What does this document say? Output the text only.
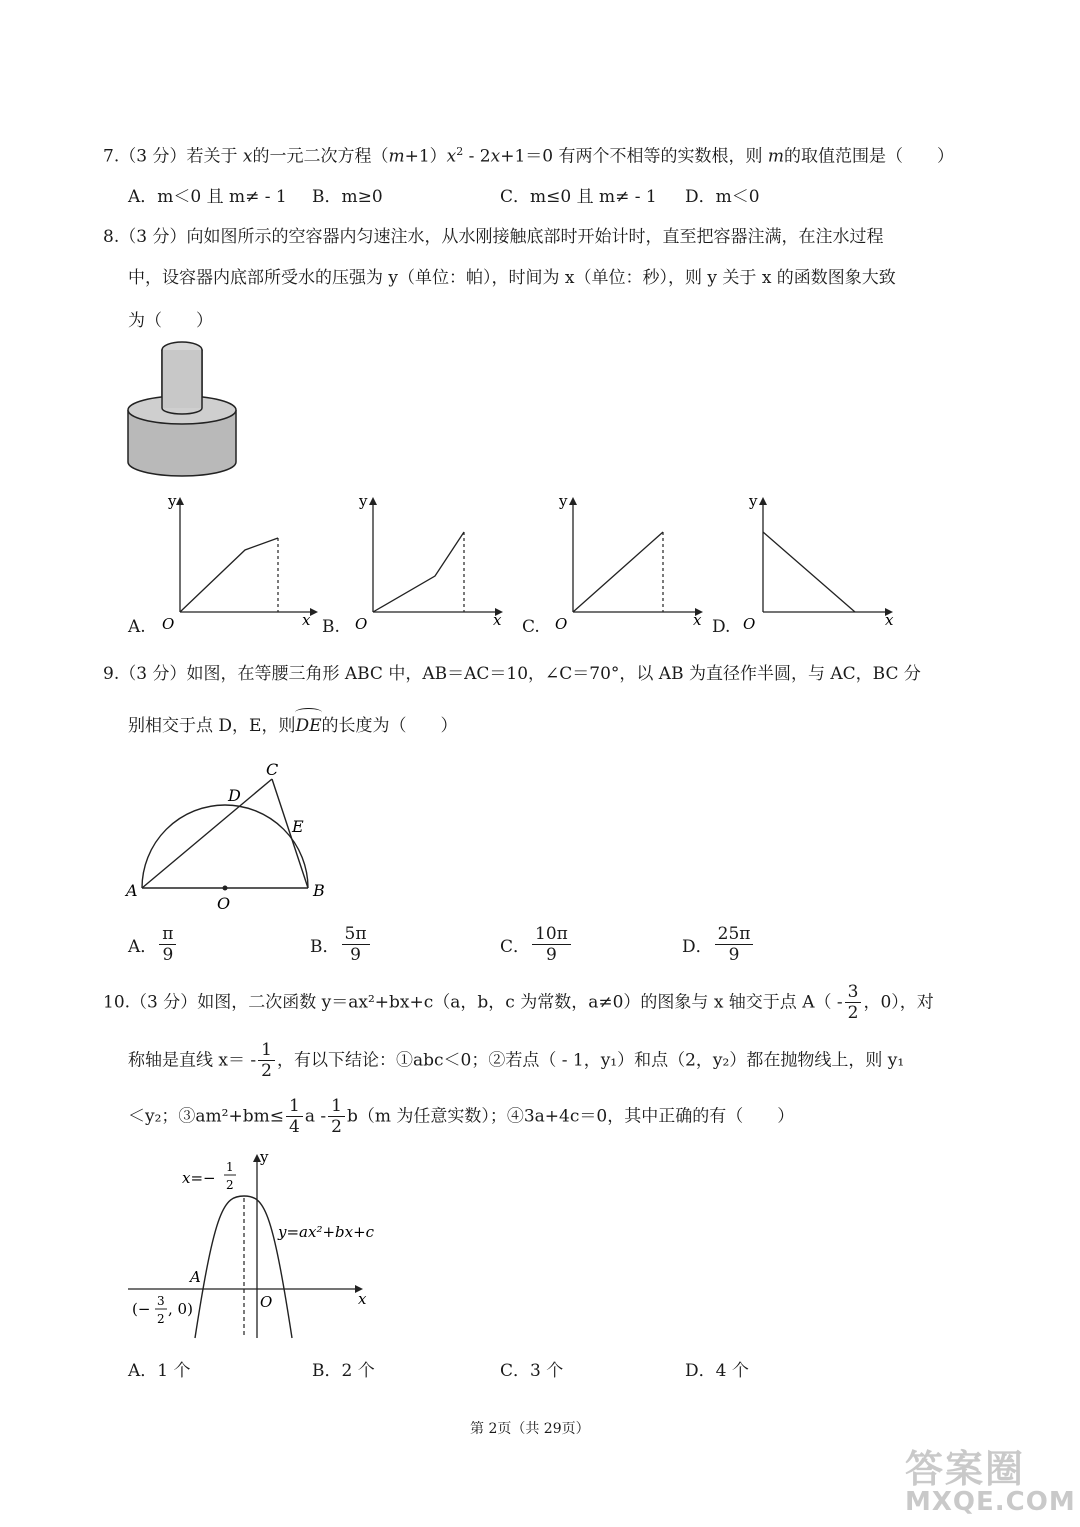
7.（3 分）若关于 x的一元二次方程$(m+1)x^2 - 2x+1=0$ 有两个不相等的实数根，则 m的取值范围是（　　）
A．m＜0 且 m≠ - 1 B．m≥0	C．m≤0 且 m≠ - 1 D．m＜0
8.（3 分）向如图所示的空容器内匀速注水，从水刚接触底部时开始计时，直至把容器注满，在注水过程
中，设容器内底部所受水的压强为 y（单位：帕），时间为 x（单位：秒），则 y 关于 x 的函数图象大致
为（　　）
y
x
O
A.
y
x
O
B.
y
x
O
C.
y
x
O
D.
9.（3 分）如图，在等腰三角形 ABC 中，AB＝AC＝10，∠C＝70°，以 AB 为直径作半圆，与 AC，BC 分
别相交于点 D，E，则
DE的长度为（　　）
C
D
E
A	B
O
A． $\frac{\pi}{9}$	B． $\frac{5\pi}{9}$	C． $\frac{10\pi}{9}$	D． $\frac{25\pi}{9}$
10.（3 分）如图，二次函数 y＝ax²+bx+c（a，b，c 为常数，a≠0）的图象与 x 轴交于点 $A( - \frac{3}{2}$ ，0），对
称轴是直线 $x= - \frac{1}{2}$ ，有以下结论：①abc＜0；②若点（ - 1，y₁）和点（2，y₂）都在抛物线上，则 y₁
＜y₂；③am²+bm≤ $\frac{1}{4}$ a - $\frac{1}{2} b(m$ 为任意实数）；④3a+4c＝0，其中正确的有（　　）
y
x
O
A
y=ax²+bx+c
x=−
1
2
(− 3
2
, 0)
A．1 个	B．2 个	C．3 个	D．4 个
第 2页（共 29页）
答案圈
MXQE.COM
